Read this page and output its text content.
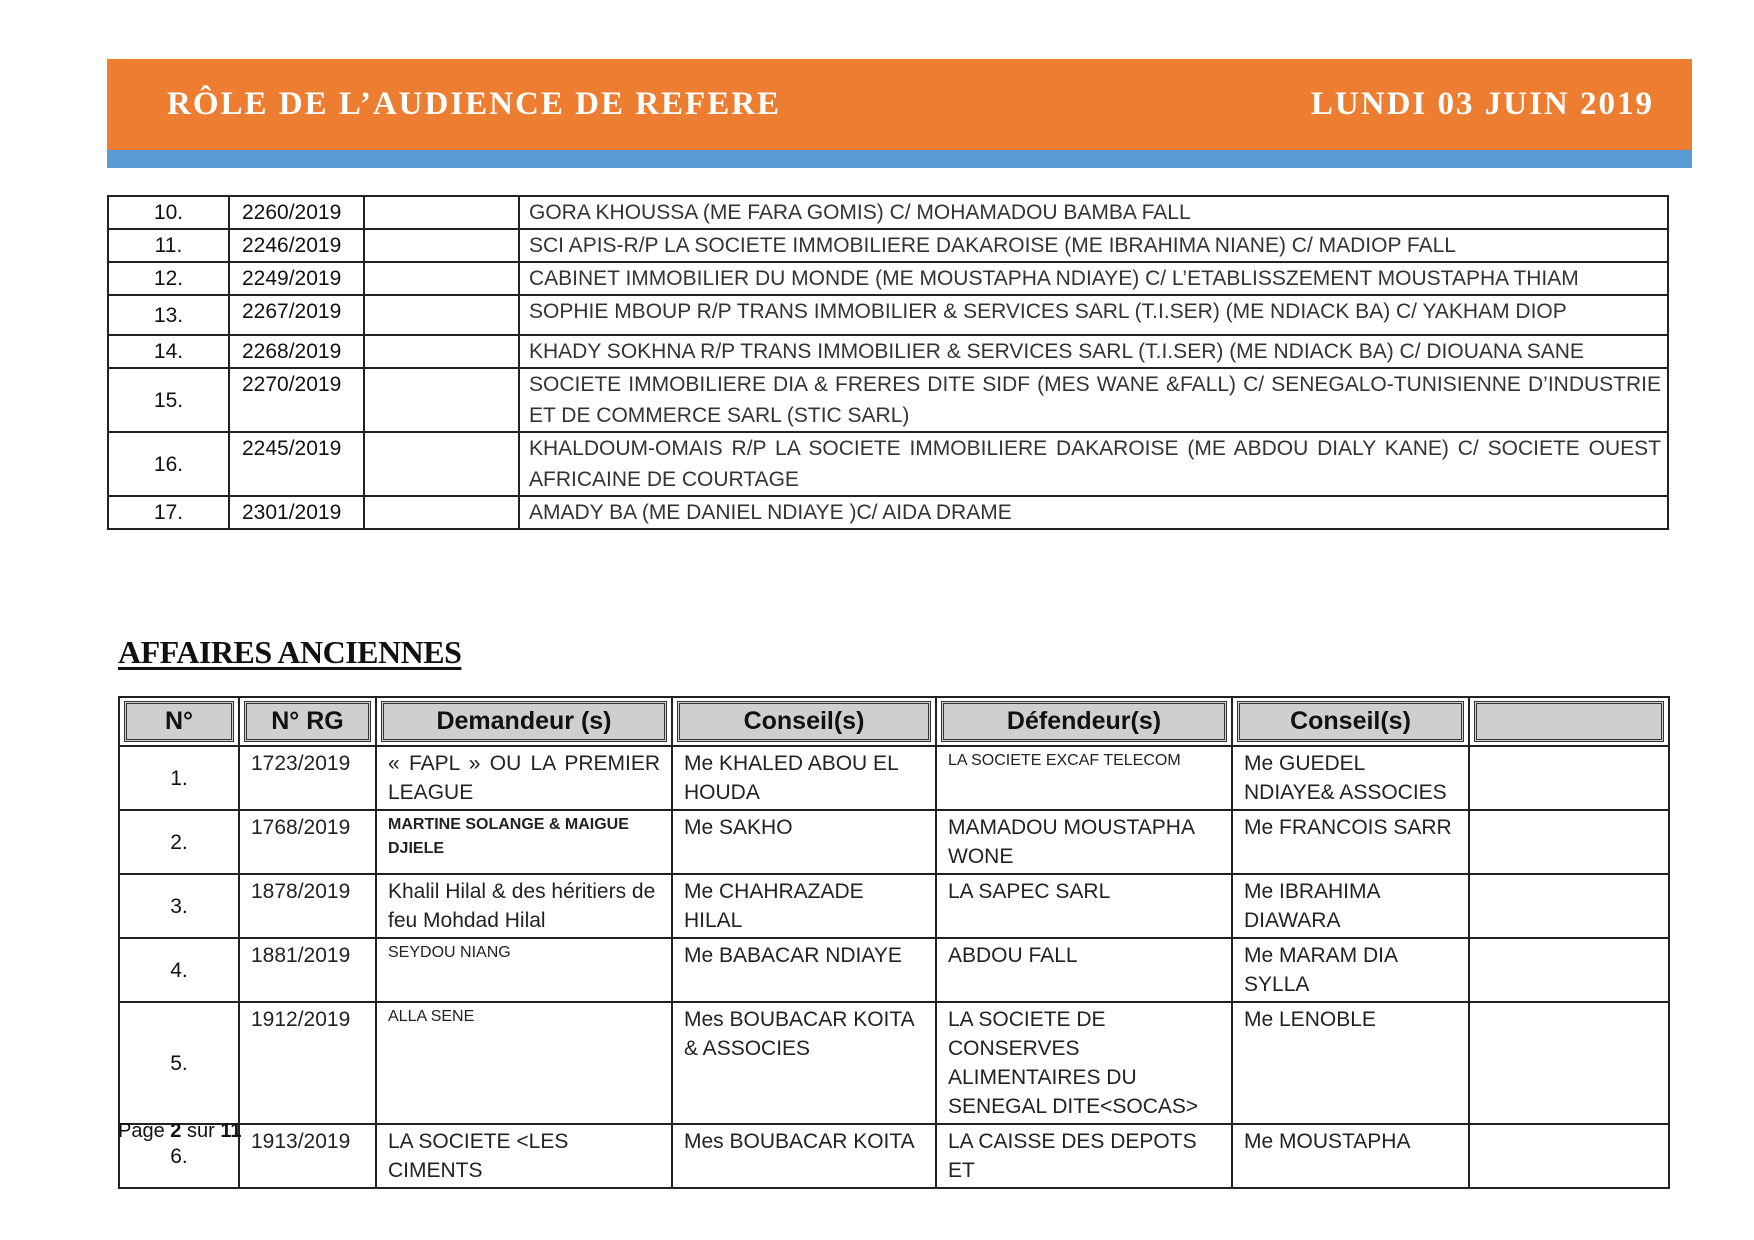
RÔLE DE L’AUDIENCE DE REFERE	LUNDI 03 JUIN 2019
10.	2260/2019		GORA KHOUSSA (ME FARA GOMIS) C/ MOHAMADOU BAMBA FALL
11.	2246/2019		SCI APIS-R/P LA SOCIETE IMMOBILIERE DAKAROISE (ME IBRAHIMA NIANE) C/ MADIOP FALL
12.	2249/2019		CABINET IMMOBILIER DU MONDE (ME MOUSTAPHA NDIAYE) C/ L’ETABLISSZEMENT MOUSTAPHA THIAM
13.	2267/2019		SOPHIE MBOUP R/P TRANS IMMOBILIER & SERVICES SARL (T.I.SER) (ME NDIACK BA) C/ YAKHAM DIOP
14.	2268/2019		KHADY SOKHNA R/P TRANS IMMOBILIER & SERVICES SARL (T.I.SER) (ME NDIACK BA) C/ DIOUANA SANE
15.	2270/2019		SOCIETE IMMOBILIERE DIA & FRERES DITE SIDF (MES WANE &FALL) C/ SENEGALO-TUNISIENNE D’INDUSTRIE ET DE COMMERCE SARL (STIC SARL)
16.	2245/2019		KHALDOUM-OMAIS R/P LA SOCIETE IMMOBILIERE DAKAROISE (ME ABDOU DIALY KANE) C/ SOCIETE OUEST AFRICAINE DE COURTAGE
17.	2301/2019		AMADY BA (ME DANIEL NDIAYE )C/ AIDA DRAME
AFFAIRES ANCIENNES
N°	N° RG	Demandeur (s)	Conseil(s)	Défendeur(s)	Conseil(s)	

1.	1723/2019	« FAPL » OU LA PREMIER LEAGUE	Me KHALED ABOU EL HOUDA	LA SOCIETE EXCAF TELECOM	Me GUEDEL NDIAYE& ASSOCIES	
2.	1768/2019	MARTINE SOLANGE & MAIGUE DJIELE	Me SAKHO	MAMADOU MOUSTAPHA WONE	Me FRANCOIS SARR	
3.	1878/2019	Khalil Hilal & des héritiers de feu Mohdad Hilal	Me CHAHRAZADE HILAL	LA SAPEC SARL	Me IBRAHIMA DIAWARA	
4.	1881/2019	SEYDOU NIANG	Me BABACAR NDIAYE	ABDOU FALL	Me MARAM DIA SYLLA	
5.	1912/2019	ALLA SENE	Mes BOUBACAR KOITA & ASSOCIES	LA SOCIETE DE CONSERVES ALIMENTAIRES DU SENEGAL DITE<SOCAS>	Me LENOBLE	
6.	1913/2019	LA SOCIETE <LES CIMENTS	Mes BOUBACAR KOITA	LA CAISSE DES DEPOTS ET	Me MOUSTAPHA	
Page 2 sur 11
